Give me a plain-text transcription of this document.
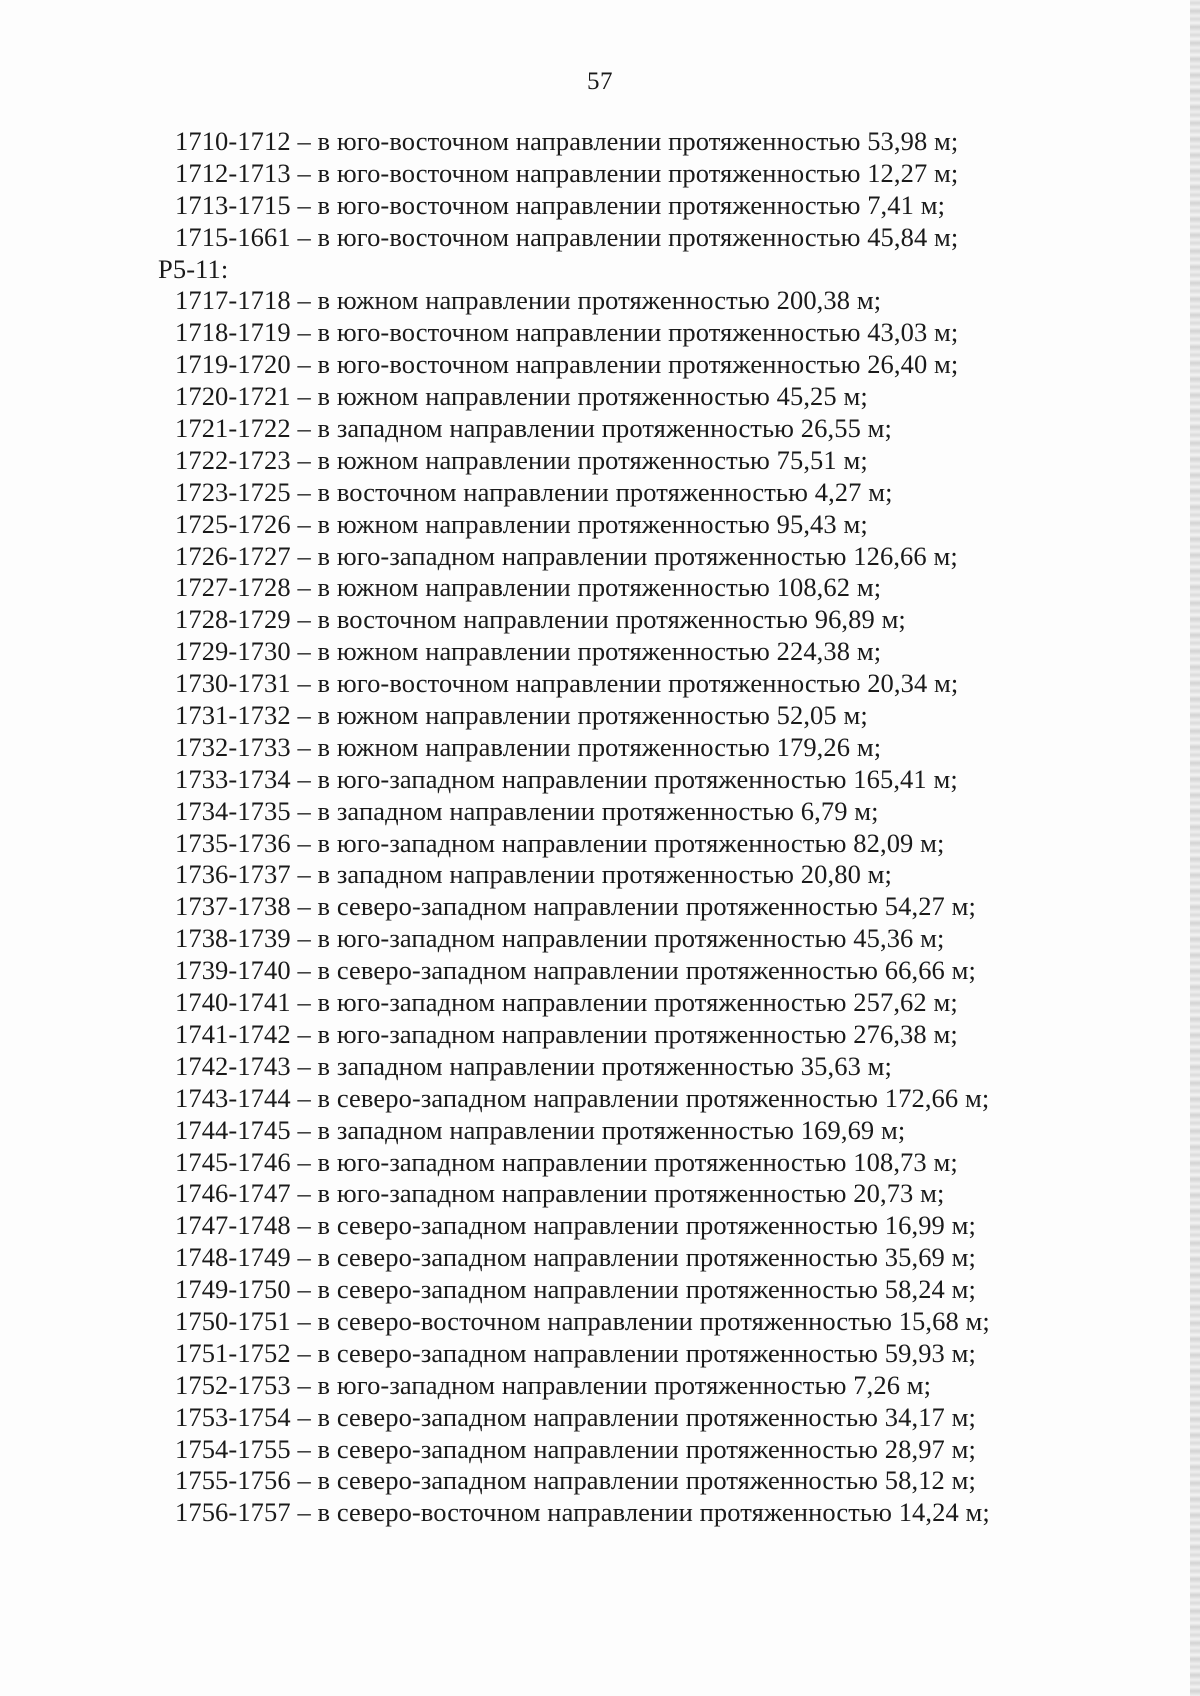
57
1710-1712 – в юго-восточном направлении протяженностью 53,98 м;
1712-1713 – в юго-восточном направлении протяженностью 12,27 м;
1713-1715 – в юго-восточном направлении протяженностью 7,41 м;
1715-1661 – в юго-восточном направлении протяженностью 45,84 м;
Р5-11:
1717-1718 – в южном направлении протяженностью 200,38 м;
1718-1719 – в юго-восточном направлении протяженностью 43,03 м;
1719-1720 – в юго-восточном направлении протяженностью 26,40 м;
1720-1721 – в южном направлении протяженностью 45,25 м;
1721-1722 – в западном направлении протяженностью 26,55 м;
1722-1723 – в южном направлении протяженностью 75,51 м;
1723-1725 – в восточном направлении протяженностью 4,27 м;
1725-1726 – в южном направлении протяженностью 95,43 м;
1726-1727 – в юго-западном направлении протяженностью 126,66 м;
1727-1728 – в южном направлении протяженностью 108,62 м;
1728-1729 – в восточном направлении протяженностью 96,89 м;
1729-1730 – в южном направлении протяженностью 224,38 м;
1730-1731 – в юго-восточном направлении протяженностью 20,34 м;
1731-1732 – в южном направлении протяженностью 52,05 м;
1732-1733 – в южном направлении протяженностью 179,26 м;
1733-1734 – в юго-западном направлении протяженностью 165,41 м;
1734-1735 – в западном направлении протяженностью 6,79 м;
1735-1736 – в юго-западном направлении протяженностью 82,09 м;
1736-1737 – в западном направлении протяженностью 20,80 м;
1737-1738 – в северо-западном направлении протяженностью 54,27 м;
1738-1739 – в юго-западном направлении протяженностью 45,36 м;
1739-1740 – в северо-западном направлении протяженностью 66,66 м;
1740-1741 – в юго-западном направлении протяженностью 257,62 м;
1741-1742 – в юго-западном направлении протяженностью 276,38 м;
1742-1743 – в западном направлении протяженностью 35,63 м;
1743-1744 – в северо-западном направлении протяженностью 172,66 м;
1744-1745 – в западном направлении протяженностью 169,69 м;
1745-1746 – в юго-западном направлении протяженностью 108,73 м;
1746-1747 – в юго-западном направлении протяженностью 20,73 м;
1747-1748 – в северо-западном направлении протяженностью 16,99 м;
1748-1749 – в северо-западном направлении протяженностью 35,69 м;
1749-1750 – в северо-западном направлении протяженностью 58,24 м;
1750-1751 – в северо-восточном направлении протяженностью 15,68 м;
1751-1752 – в северо-западном направлении протяженностью 59,93 м;
1752-1753 – в юго-западном направлении протяженностью 7,26 м;
1753-1754 – в северо-западном направлении протяженностью 34,17 м;
1754-1755 – в северо-западном направлении протяженностью 28,97 м;
1755-1756 – в северо-западном направлении протяженностью 58,12 м;
1756-1757 – в северо-восточном направлении протяженностью 14,24 м;
